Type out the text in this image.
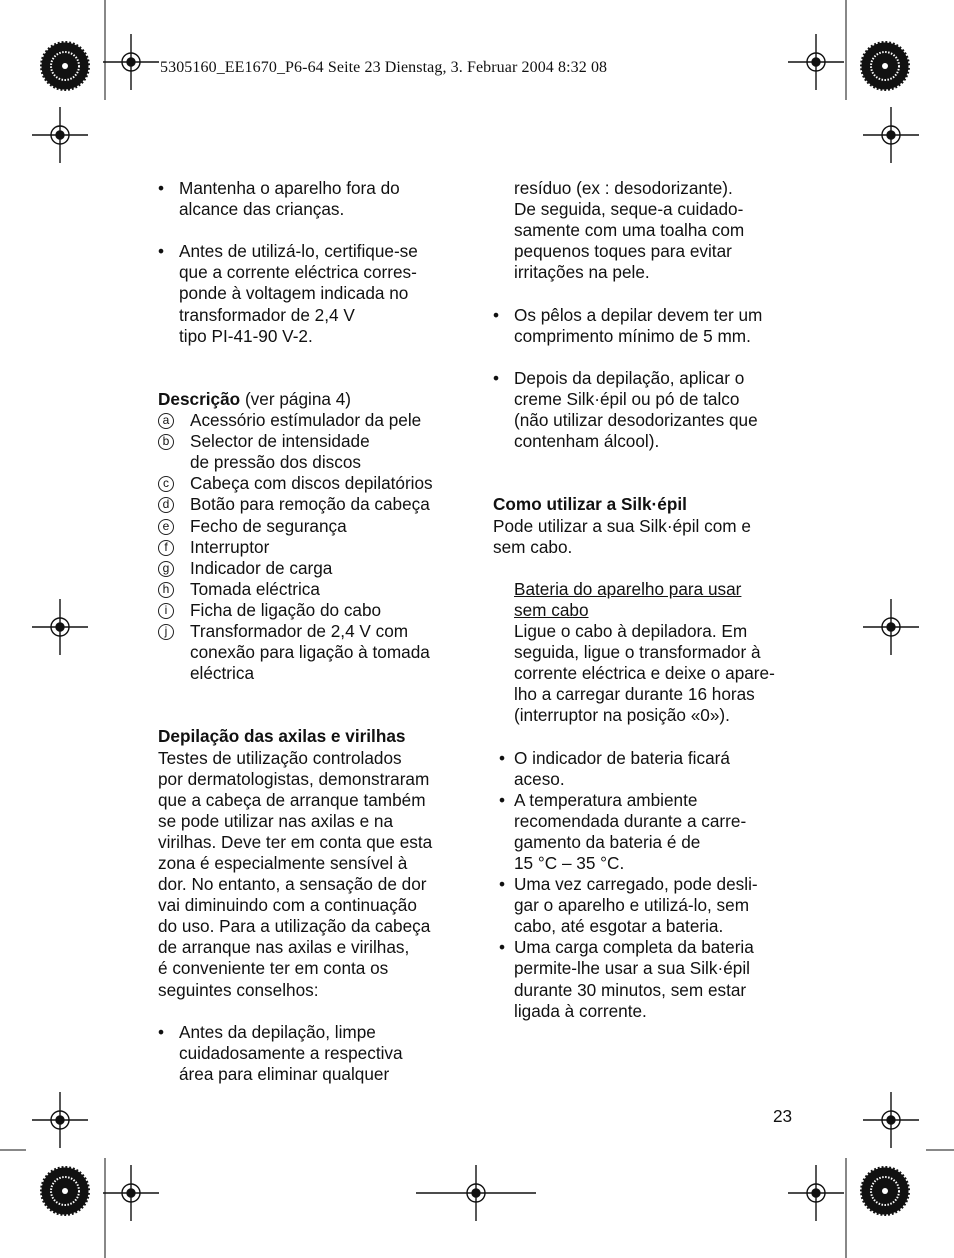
5305160_EE1670_P6-64 Seite 23 Dienstag, 3. Februar 2004 8:32 08
• Mantenha o aparelho fora do
alcance das crianças.
• Antes de utilizá-lo, certifique-se
que a corrente eléctrica corres-
ponde à voltagem indicada no
transformador de 2,4 V
tipo PI-41-90 V-2.
Descrição (ver página 4)
a Acessório estímulador da pele
b Selector de intensidade
de pressão dos discos
c Cabeça com discos depilatórios
d Botão para remoção da cabeça
e Fecho de segurança
f	Interruptor
g Indicador de carga
h Tomada eléctrica
i	Ficha de ligação do cabo
j	Transformador de 2,4 V com
conexão para ligação à tomada
eléctrica
Depilação das axilas e virilhas
Testes de utilização controlados
por dermatologistas, demonstraram
que a cabeça de arranque também
se pode utilizar nas axilas e na
virilhas. Deve ter em conta que esta
zona é especialmente sensível à
dor. No entanto, a sensação de dor
vai diminuindo com a continuação
do uso. Para a utilização da cabeça
de arranque nas axilas e virilhas,
é conveniente ter em conta os
seguintes conselhos:
• Antes da depilação, limpe
cuidadosamente a respectiva
área para eliminar qualquer
resíduo (ex : desodorizante).
De seguida, seque-a cuidado-
samente com uma toalha com
pequenos toques para evitar
irritações na pele.
• Os pêlos a depilar devem ter um
comprimento mínimo de 5 mm.
• Depois da depilação, aplicar o
creme Silk·épil ou pó de talco
(não utilizar desodorizantes que
contenham álcool).
Como utilizar a Silk·épil
Pode utilizar a sua Silk·épil com e
sem cabo.
Bateria do aparelho para usar
sem cabo
Ligue o cabo à depiladora. Em
seguida, ligue o transformador à
corrente eléctrica e deixe o apare-
lho a carregar durante 16 horas
(interruptor na posição «0»).
• O indicador de bateria ficará
aceso.
• A temperatura ambiente
recomendada durante a carre-
gamento da bateria é de
15 °C – 35 °C.
• Uma vez carregado, pode desli-
gar o aparelho e utilizá-lo, sem
cabo, até esgotar a bateria.
• Uma carga completa da bateria
permite-lhe usar a sua Silk·épil
durante 30 minutos, sem estar
ligada à corrente.
23
